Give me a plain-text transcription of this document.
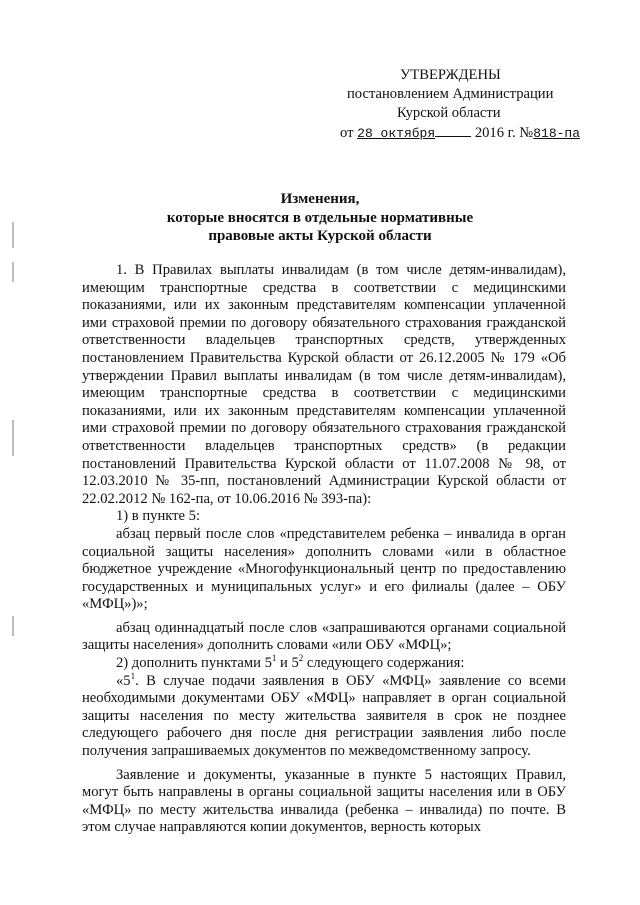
УТВЕРЖДЕНЫ
постановлением Администрации
Курской области
от 28 октября	2016 г. №818-па
Изменения,
которые вносятся в отдельные нормативные
правовые акты Курской области

1. В Правилах выплаты инвалидам (в том числе детям-инвалидам), имеющим транспортные средства в соответствии с медицинскими показаниями, или их законным представителям компенсации уплаченной ими страховой премии по договору обязательного страхования гражданской ответственности владельцев транспортных средств, утвержденных постановлением Правительства Курской области от 26.12.2005 № 179 «Об утверждении Правил выплаты инвалидам (в том числе детям-инвалидам), имеющим транспортные средства в соответствии с медицинскими показаниями, или их законным представителям компенсации уплаченной ими страховой премии по договору обязательного страхования гражданской ответственности владельцев транспортных средств» (в редакции постановлений Правительства Курской области от 11.07.2008 № 98, от 12.03.2010 № 35-пп, постановлений Администрации Курской области от 22.02.2012 № 162-па, от 10.06.2016 № 393-па):

1) в пункте 5:

абзац первый после слов «представителем ребенка – инвалида в орган социальной защиты населения» дополнить словами «или в областное бюджетное учреждение «Многофункциональный центр по предоставлению государственных и муниципальных услуг» и его филиалы (далее – ОБУ «МФЦ»)»;

абзац одиннадцатый после слов «запрашиваются органами социальной защиты населения» дополнить словами «или ОБУ «МФЦ»;

2) дополнить пунктами $5^1$ и $5^2$ следующего содержания:

«$5^1$. В случае подачи заявления в ОБУ «МФЦ» заявление со всеми необходимыми документами ОБУ «МФЦ» направляет в орган социальной защиты населения по месту жительства заявителя в срок не позднее следующего рабочего дня после дня регистрации заявления либо после получения запрашиваемых документов по межведомственному запросу.

Заявление и документы, указанные в пункте 5 настоящих Правил, могут быть направлены в органы социальной защиты населения или в ОБУ «МФЦ» по месту жительства инвалида (ребенка – инвалида) по почте. В этом случае направляются копии документов, верность которых
